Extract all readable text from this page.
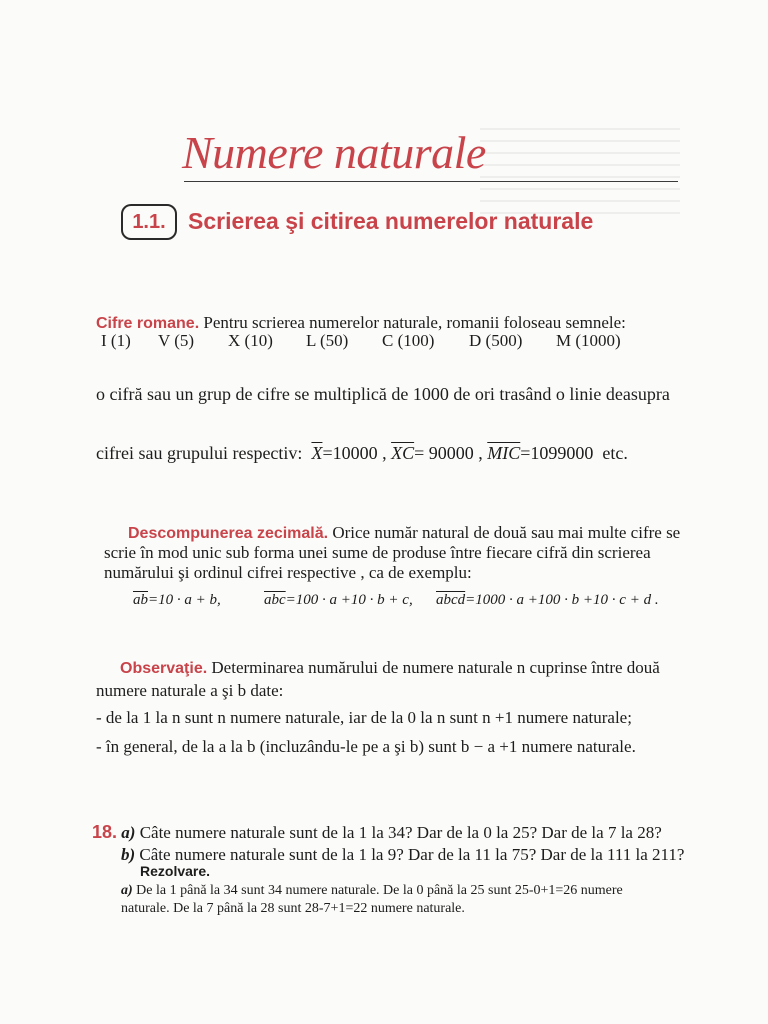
Numere naturale
1.1. Scrierea şi citirea numerelor naturale
Cifre romane. Pentru scrierea numerelor naturale, romanii foloseau semnele:
I (1) V (5) X (10) L (50) C (100) D (500) M (1000)
o cifră sau un grup de cifre se multiplică de 1000 de ori trasând o linie deasupra
cifrei sau grupului respectiv: $\overline{X}=10000$ , $\overline{XC}= 90000$ , $\overline{MIC}=1099000$ etc.
Descompunerea zecimală. Orice număr natural de două sau mai multe cifre se
scrie în mod unic sub forma unei sume de produse între fiecare cifră din scrierea
numărului şi ordinul cifrei respective , ca de exemplu:
$\overline{ab}=10 \cdot a + b$,	$\overline{abc}=100 \cdot a +10 \cdot b + c$, abcd=1000 · a +100 · b +10 · c + d .
Observaţie. Determinarea numărului de numere naturale n cuprinse între două
numere naturale a şi b date:
- de la 1 la n sunt n numere naturale, iar de la 0 la n sunt n +1 numere naturale;
- în general, de la a la b (incluzându-le pe a şi b) sunt b − a +1 numere naturale.
18. a) Câte numere naturale sunt de la 1 la 34? Dar de la 0 la 25? Dar de la 7 la 28?
b) Câte numere naturale sunt de la 1 la 9? Dar de la 11 la 75? Dar de la 111 la 211?
Rezolvare.
a) De la 1 până la 34 sunt 34 numere naturale. De la 0 până la 25 sunt 25-0+1=26 numere
naturale. De la 7 până la 28 sunt 28-7+1=22 numere naturale.
